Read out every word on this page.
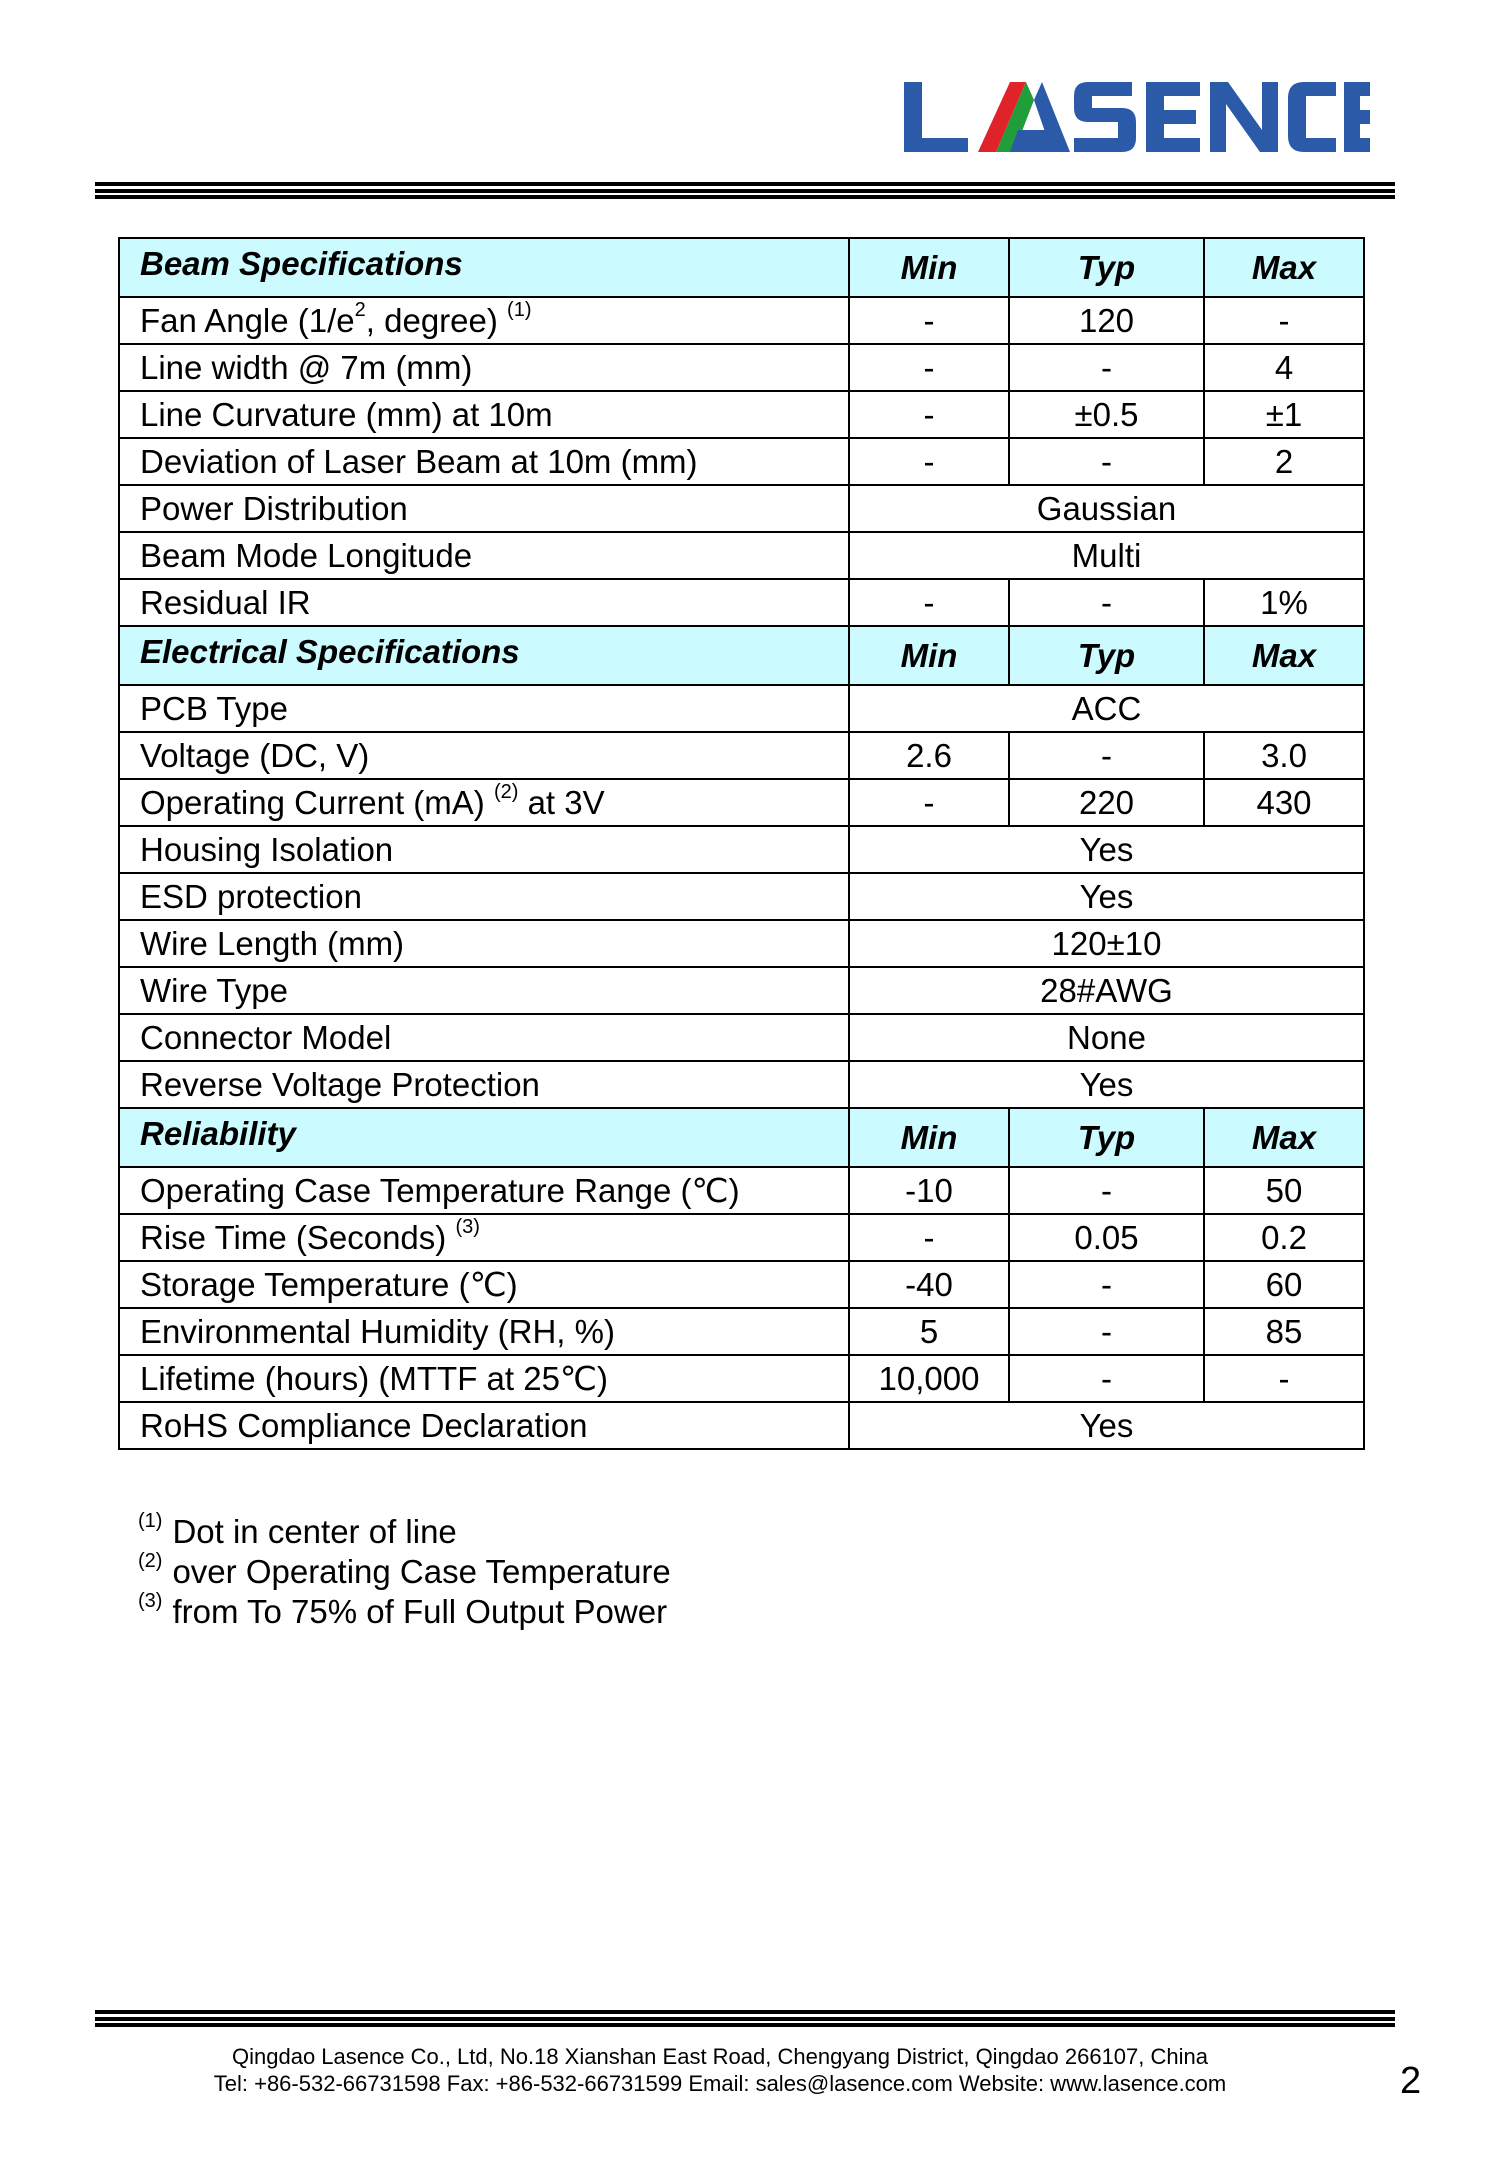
LASENCE
Beam Specifications	Min	Typ	Max
Fan Angle ($1/e^2$, degree) $^{(1)}$	-	120	-
Line width @ 7m (mm)	-	-	4
Line Curvature (mm) at 10m	-	±0.5	±1
Deviation of Laser Beam at 10m (mm)	-	-	2
Power Distribution	Gaussian		
Beam Mode Longitude	Multi		
Residual IR	-	-	1%
Electrical Specifications	Min	Typ	Max
PCB Type	ACC		
Voltage (DC, V)	2.6	-	3.0
Operating Current (mA) $^{(2)}$ at 3V	-	220	430
Housing Isolation	Yes		
ESD protection	Yes		
Wire Length (mm)	120±10		
Wire Type	28#AWG		
Connector Model	None		
Reverse Voltage Protection	Yes		
Reliability	Min	Typ	Max
Operating Case Temperature Range (℃)	-10	-	50
Rise Time (Seconds) $^{(3)}$	-	0.05	0.2
Storage Temperature (℃)	-40	-	60
Environmental Humidity (RH, %)	5	-	85
Lifetime (hours) (MTTF at 25℃)	10,000	-	-
RoHS Compliance Declaration	Yes		
$^{(1)}$ Dot in center of line
$^{(2)}$ over Operating Case Temperature
$^{(3)}$ from To 75% of Full Output Power
Qingdao Lasence Co., Ltd, No.18 Xianshan East Road, Chengyang District, Qingdao 266107, China
Tel: +86-532-66731598 Fax: +86-532-66731599 Email: sales@lasence.com Website: www.lasence.com	2
